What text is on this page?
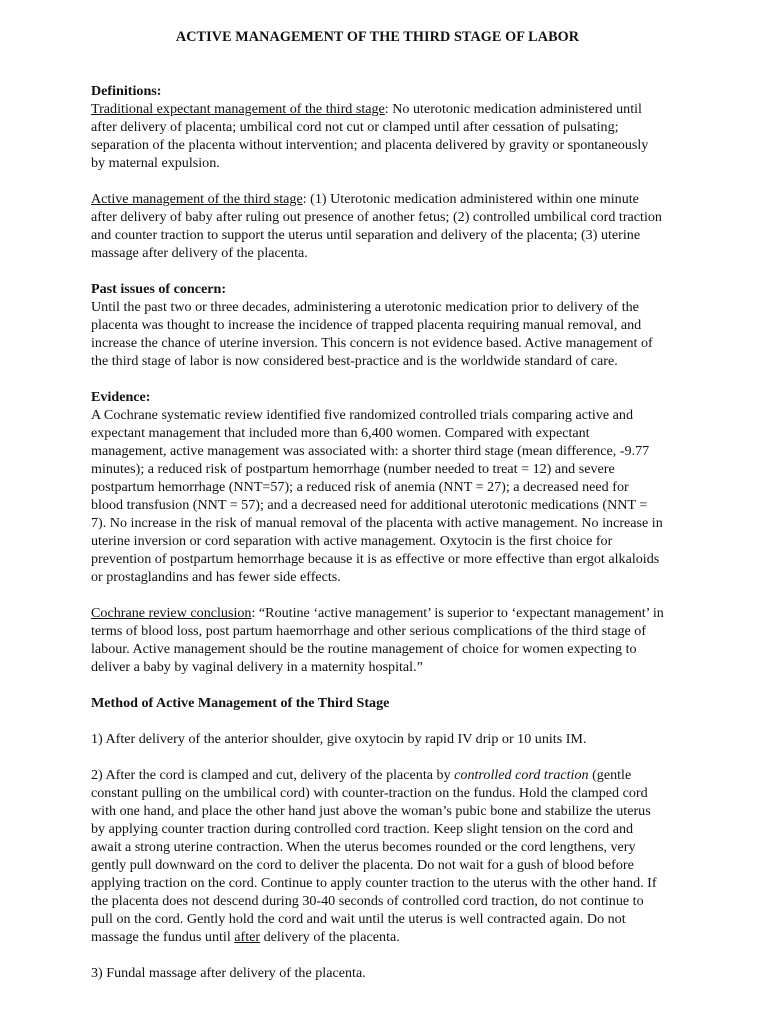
ACTIVE MANAGEMENT OF THE THIRD STAGE OF LABOR

Definitions:

Traditional expectant management of the third stage: No uterotonic medication administered until after delivery of placenta; umbilical cord not cut or clamped until after cessation of pulsating; separation of the placenta without intervention; and placenta delivered by gravity or spontaneously by maternal expulsion.

Active management of the third stage: (1) Uterotonic medication administered within one minute after delivery of baby after ruling out presence of another fetus; (2) controlled umbilical cord traction and counter traction to support the uterus until separation and delivery of the placenta; (3) uterine massage after delivery of the placenta.

Past issues of concern:

Until the past two or three decades, administering a uterotonic medication prior to delivery of the placenta was thought to increase the incidence of trapped placenta requiring manual removal, and increase the chance of uterine inversion. This concern is not evidence based. Active management of the third stage of labor is now considered best-practice and is the worldwide standard of care.

Evidence:

A Cochrane systematic review identified five randomized controlled trials comparing active and expectant management that included more than 6,400 women. Compared with expectant management, active management was associated with: a shorter third stage (mean difference, -9.77 minutes); a reduced risk of postpartum hemorrhage (number needed to treat = 12) and severe postpartum hemorrhage (NNT=57); a reduced risk of anemia (NNT = 27); a decreased need for blood transfusion (NNT = 57); and a decreased need for additional uterotonic medications (NNT = 7). No increase in the risk of manual removal of the placenta with active management. No increase in uterine inversion or cord separation with active management. Oxytocin is the first choice for prevention of postpartum hemorrhage because it is as effective or more effective than ergot alkaloids or prostaglandins and has fewer side effects.

Cochrane review conclusion: “Routine ‘active management’ is superior to ‘expectant management’ in terms of blood loss, post partum haemorrhage and other serious complications of the third stage of labour. Active management should be the routine management of choice for women expecting to deliver a baby by vaginal delivery in a maternity hospital.”

Method of Active Management of the Third Stage

1) After delivery of the anterior shoulder, give oxytocin by rapid IV drip or 10 units IM.

2) After the cord is clamped and cut, delivery of the placenta by controlled cord traction (gentle constant pulling on the umbilical cord) with counter-traction on the fundus. Hold the clamped cord with one hand, and place the other hand just above the woman’s pubic bone and stabilize the uterus by applying counter traction during controlled cord traction. Keep slight tension on the cord and await a strong uterine contraction. When the uterus becomes rounded or the cord lengthens, very gently pull downward on the cord to deliver the placenta. Do not wait for a gush of blood before applying traction on the cord. Continue to apply counter traction to the uterus with the other hand. If the placenta does not descend during 30-40 seconds of controlled cord traction, do not continue to pull on the cord. Gently hold the cord and wait until the uterus is well contracted again. Do not massage the fundus until after delivery of the placenta.

3) Fundal massage after delivery of the placenta.
